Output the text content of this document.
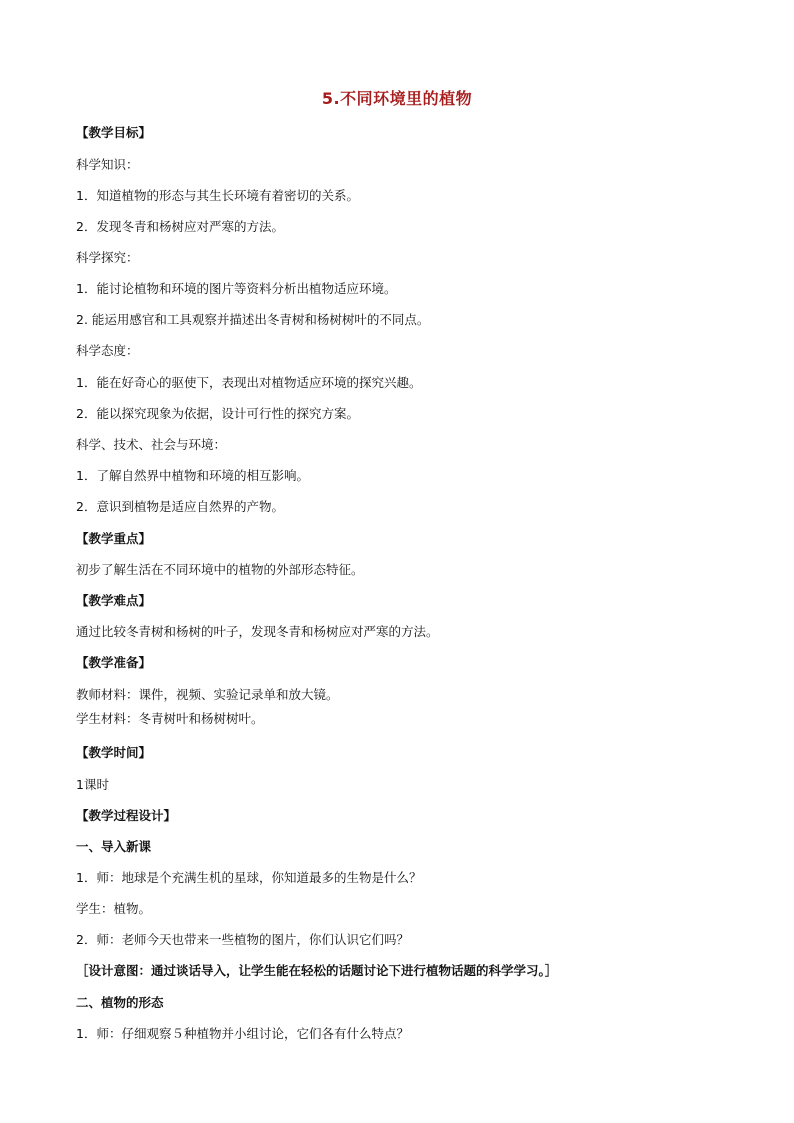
5.不同环境里的植物
【教学目标】
科学知识：
1．知道植物的形态与其生长环境有着密切的关系。
2．发现冬青和杨树应对严寒的方法。
科学探究：
1．能讨论植物和环境的图片等资料分析出植物适应环境。
2. 能运用感官和工具观察并描述出冬青树和杨树树叶的不同点。
科学态度：
1．能在好奇心的驱使下，表现出对植物适应环境的探究兴趣。
2．能以探究现象为依据，设计可行性的探究方案。
科学、技术、社会与环境：
1．了解自然界中植物和环境的相互影响。
2．意识到植物是适应自然界的产物。
【教学重点】
初步了解生活在不同环境中的植物的外部形态特征。
【教学难点】
通过比较冬青树和杨树的叶子，发现冬青和杨树应对严寒的方法。
【教学准备】
教师材料：课件，视频、实验记录单和放大镜。
学生材料：冬青树叶和杨树树叶。
【教学时间】
1课时
【教学过程设计】
一、导入新课
1．师：地球是个充满生机的星球，你知道最多的生物是什么？
学生：植物。
2．师：老师今天也带来一些植物的图片，你们认识它们吗？
［设计意图：通过谈话导入，让学生能在轻松的话题讨论下进行植物话题的科学学习。］
二、植物的形态
1．师：仔细观察５种植物并小组讨论，它们各有什么特点？
